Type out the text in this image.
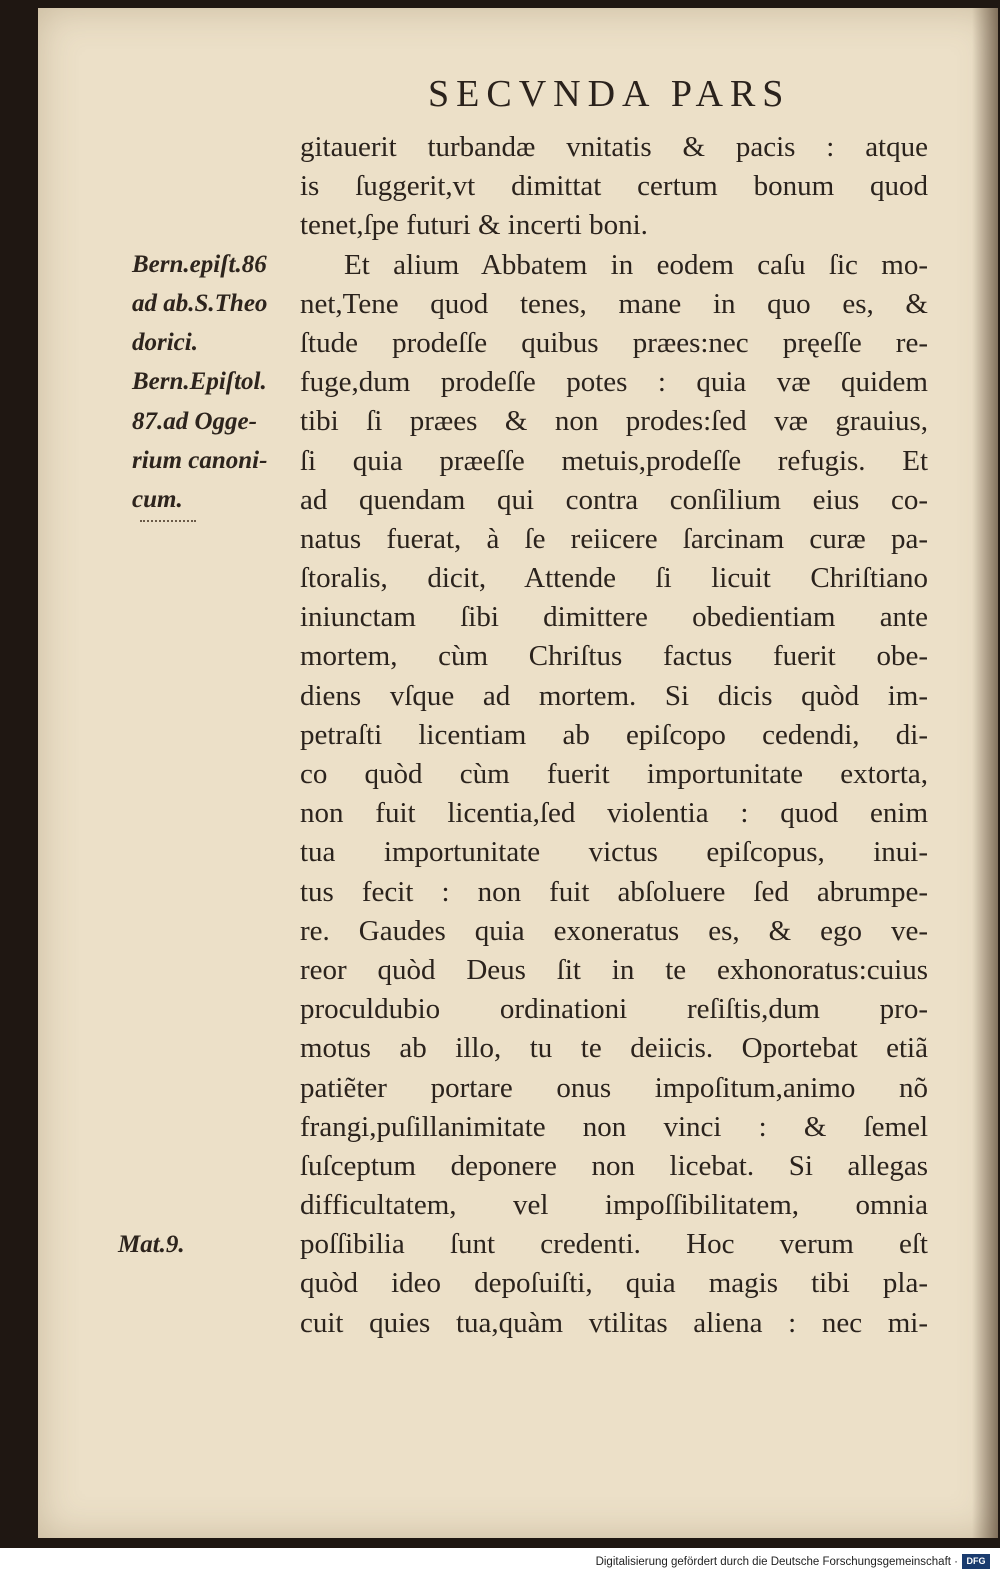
SECVNDA PARS
gitauerit turbandæ vnitatis & pacis : atque
is ſuggerit,vt dimittat certum bonum quod
tenet,ſpe futuri & incerti boni.
Et alium Abbatem in eodem caſu ſic mo-
net,Tene quod tenes, mane in quo es, &
ſtude prodeſſe quibus præes:nec pręeſſe re-
fuge,dum prodeſſe potes : quia væ quidem
tibi ſi præes & non prodes:ſed væ grauius,
ſi quia præeſſe metuis,prodeſſe refugis. Et
ad quendam qui contra conſilium eius co-
natus fuerat, à ſe reiicere ſarcinam curæ pa-
ſtoralis, dicit, Attende ſi licuit Chriſtiano
iniunctam ſibi dimittere obedientiam ante
mortem, cùm Chriſtus factus fuerit obe-
diens vſque ad mortem. Si dicis quòd im-
petraſti licentiam ab epiſcopo cedendi, di-
co quòd cùm fuerit importunitate extorta,
non fuit licentia,ſed violentia : quod enim
tua importunitate victus epiſcopus, inui-
tus fecit : non fuit abſoluere ſed abrumpe-
re. Gaudes quia exoneratus es, & ego ve-
reor quòd Deus ſit in te exhonoratus:cuius
proculdubio ordinationi reſiſtis,dum pro-
motus ab illo, tu te deiicis. Oportebat etiã
patiẽter portare onus impoſitum,animo nõ
frangi,puſillanimitate non vinci : & ſemel
ſuſceptum deponere non licebat. Si allegas
difficultatem, vel impoſſibilitatem, omnia
poſſibilia ſunt credenti. Hoc verum eſt
quòd ideo depoſuiſti, quia magis tibi pla-
cuit quies tua,quàm vtilitas aliena : nec mi-
Bern.epiſt.86
ad ab.S.Theo
dorici.
Bern.Epiſtol.
87.ad Ogge-
rium canoni-
cum.
Mat.9.
Digitalisierung gefördert durch die Deutsche Forschungsgemeinschaft · DFG
